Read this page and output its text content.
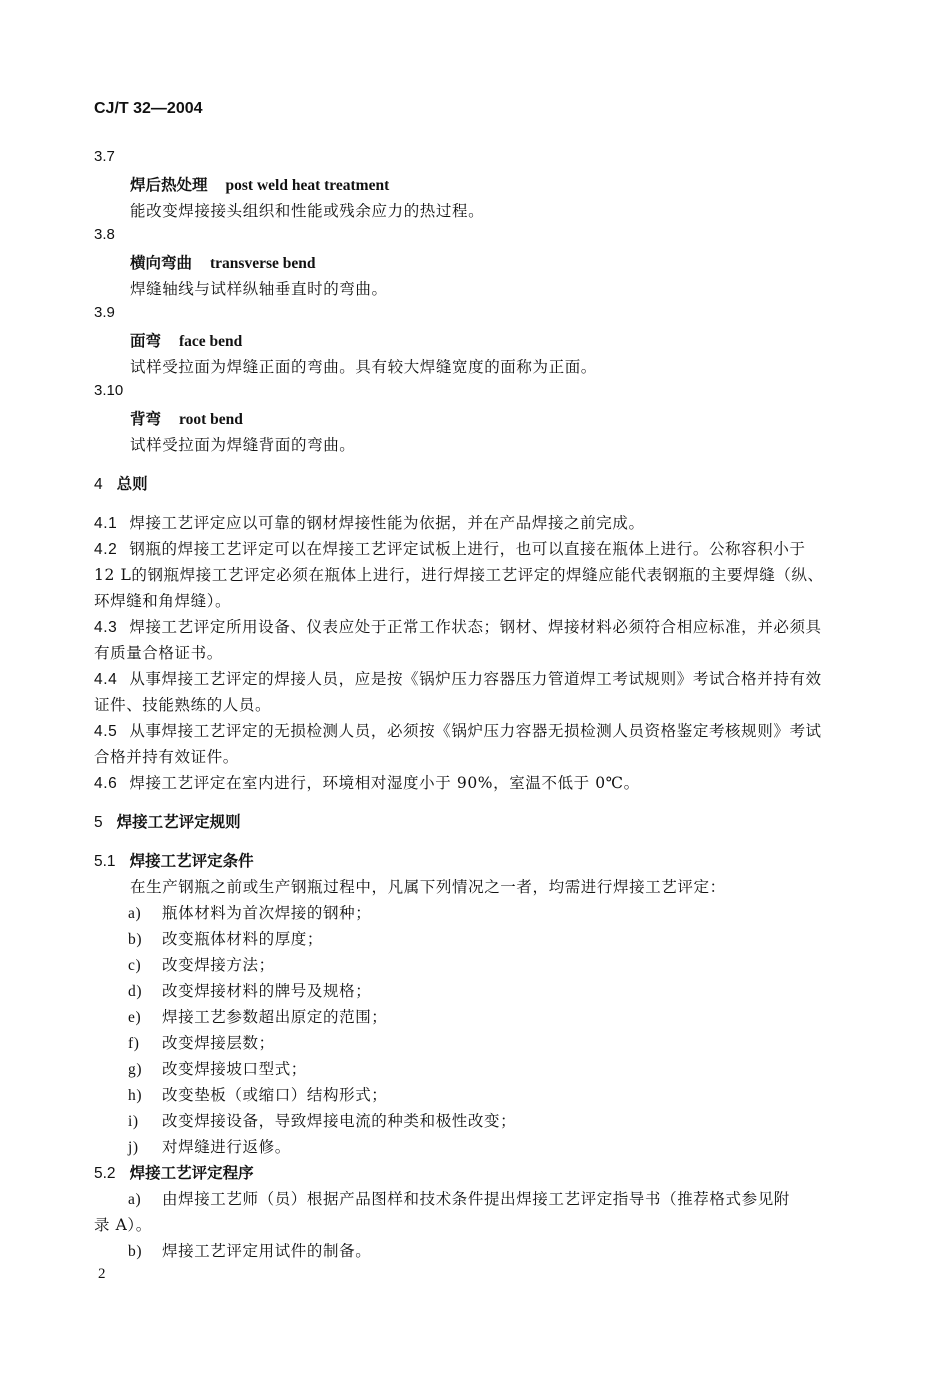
CJ/T 32—2004
3.7
焊后热处理 post weld heat treatment
能改变焊接接头组织和性能或残余应力的热过程。
3.8
横向弯曲 transverse bend
焊缝轴线与试样纵轴垂直时的弯曲。
3.9
面弯 face bend
试样受拉面为焊缝正面的弯曲。具有较大焊缝宽度的面称为正面。
3.10
背弯 root bend
试样受拉面为焊缝背面的弯曲。
4 总则
4.1 焊接工艺评定应以可靠的钢材焊接性能为依据，并在产品焊接之前完成。
4.2 钢瓶的焊接工艺评定可以在焊接工艺评定试板上进行，也可以直接在瓶体上进行。公称容积小于
12 L的钢瓶焊接工艺评定必须在瓶体上进行，进行焊接工艺评定的焊缝应能代表钢瓶的主要焊缝（纵、
环焊缝和角焊缝）。
4.3 焊接工艺评定所用设备、仪表应处于正常工作状态；钢材、焊接材料必须符合相应标准，并必须具
有质量合格证书。
4.4 从事焊接工艺评定的焊接人员，应是按《锅炉压力容器压力管道焊工考试规则》考试合格并持有效
证件、技能熟练的人员。
4.5 从事焊接工艺评定的无损检测人员，必须按《锅炉压力容器无损检测人员资格鉴定考核规则》考试
合格并持有效证件。
4.6 焊接工艺评定在室内进行，环境相对湿度小于 90%，室温不低于 0℃。
5 焊接工艺评定规则
5.1 焊接工艺评定条件
在生产钢瓶之前或生产钢瓶过程中，凡属下列情况之一者，均需进行焊接工艺评定：
a) 瓶体材料为首次焊接的钢种；
b) 改变瓶体材料的厚度；
c) 改变焊接方法；
d) 改变焊接材料的牌号及规格；
e) 焊接工艺参数超出原定的范围；
f) 改变焊接层数；
g) 改变焊接坡口型式；
h) 改变垫板（或缩口）结构形式；
i) 改变焊接设备，导致焊接电流的种类和极性改变；
j) 对焊缝进行返修。
5.2 焊接工艺评定程序
a) 由焊接工艺师（员）根据产品图样和技术条件提出焊接工艺评定指导书（推荐格式参见附
录 A）。
b) 焊接工艺评定用试件的制备。
2
